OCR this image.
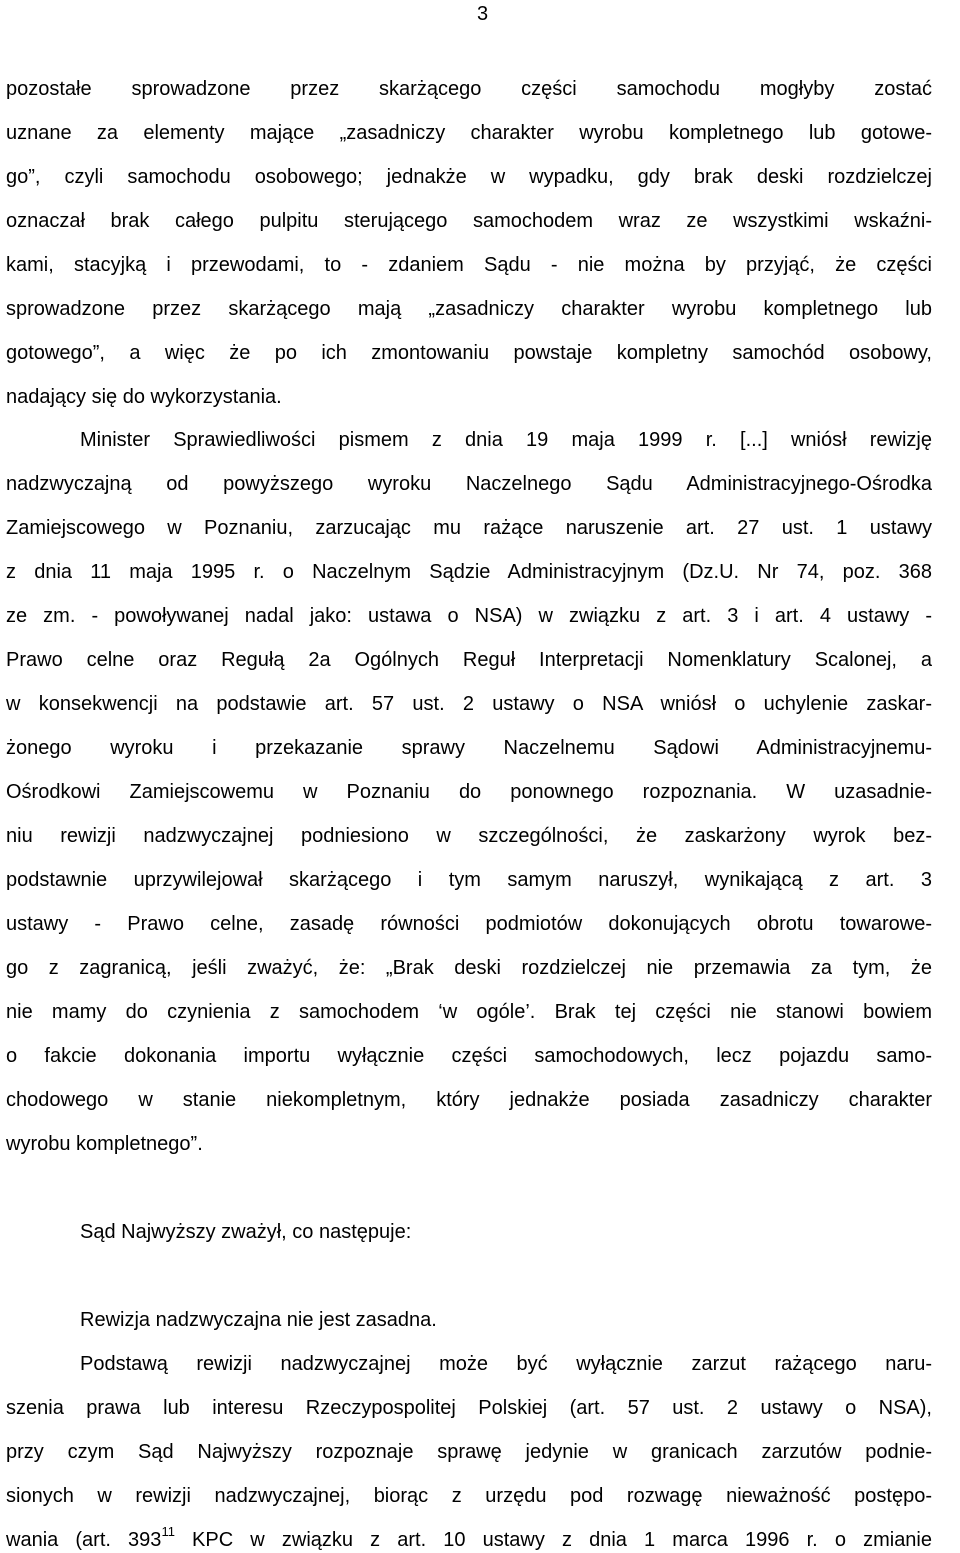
3
pozostałe sprowadzone przez skarżącego części samochodu mogłyby zostać
uznane za elementy mające „zasadniczy charakter wyrobu kompletnego lub gotowe-
go”, czyli samochodu osobowego; jednakże w wypadku, gdy brak deski rozdzielczej
oznaczał brak całego pulpitu sterującego samochodem wraz ze wszystkimi wskaźni-
kami, stacyjką i przewodami, to - zdaniem Sądu - nie można by przyjąć, że części
sprowadzone przez skarżącego mają „zasadniczy charakter wyrobu kompletnego lub
gotowego”, a więc że po ich zmontowaniu powstaje kompletny samochód osobowy,
nadający się do wykorzystania.
Minister Sprawiedliwości pismem z dnia 19 maja 1999 r. [...] wniósł rewizję
nadzwyczajną od powyższego wyroku Naczelnego Sądu Administracyjnego-Ośrodka
Zamiejscowego w Poznaniu, zarzucając mu rażące naruszenie art. 27 ust. 1 ustawy
z dnia 11 maja 1995 r. o Naczelnym Sądzie Administracyjnym (Dz.U. Nr 74, poz. 368
ze zm. - powoływanej nadal jako: ustawa o NSA) w związku z art. 3 i art. 4 ustawy -
Prawo celne oraz Regułą 2a Ogólnych Reguł Interpretacji Nomenklatury Scalonej, a
w konsekwencji na podstawie art. 57 ust. 2 ustawy o NSA wniósł o uchylenie zaskar-
żonego wyroku i przekazanie sprawy Naczelnemu Sądowi Administracyjnemu-
Ośrodkowi Zamiejscowemu w Poznaniu do ponownego rozpoznania. W uzasadnie-
niu rewizji nadzwyczajnej podniesiono w szczególności, że zaskarżony wyrok bez-
podstawnie uprzywilejował skarżącego i tym samym naruszył, wynikającą z art. 3
ustawy - Prawo celne, zasadę równości podmiotów dokonujących obrotu towarowe-
go z zagranicą, jeśli zważyć, że: „Brak deski rozdzielczej nie przemawia za tym, że
nie mamy do czynienia z samochodem ‘w ogóle’. Brak tej części nie stanowi bowiem
o fakcie dokonania importu wyłącznie części samochodowych, lecz pojazdu samo-
chodowego w stanie niekompletnym, który jednakże posiada zasadniczy charakter
wyrobu kompletnego”.
Sąd Najwyższy zważył, co następuje:
Rewizja nadzwyczajna nie jest zasadna.
Podstawą rewizji nadzwyczajnej może być wyłącznie zarzut rażącego naru-
szenia prawa lub interesu Rzeczypospolitej Polskiej (art. 57 ust. 2 ustawy o NSA),
przy czym Sąd Najwyższy rozpoznaje sprawę jedynie w granicach zarzutów podnie-
sionych w rewizji nadzwyczajnej, biorąc z urzędu pod rozwagę nieważność postępo-
wania (art. $393^{11}$ KPC w związku z art. 10 ustawy z dnia 1 marca 1996 r. o zmianie
